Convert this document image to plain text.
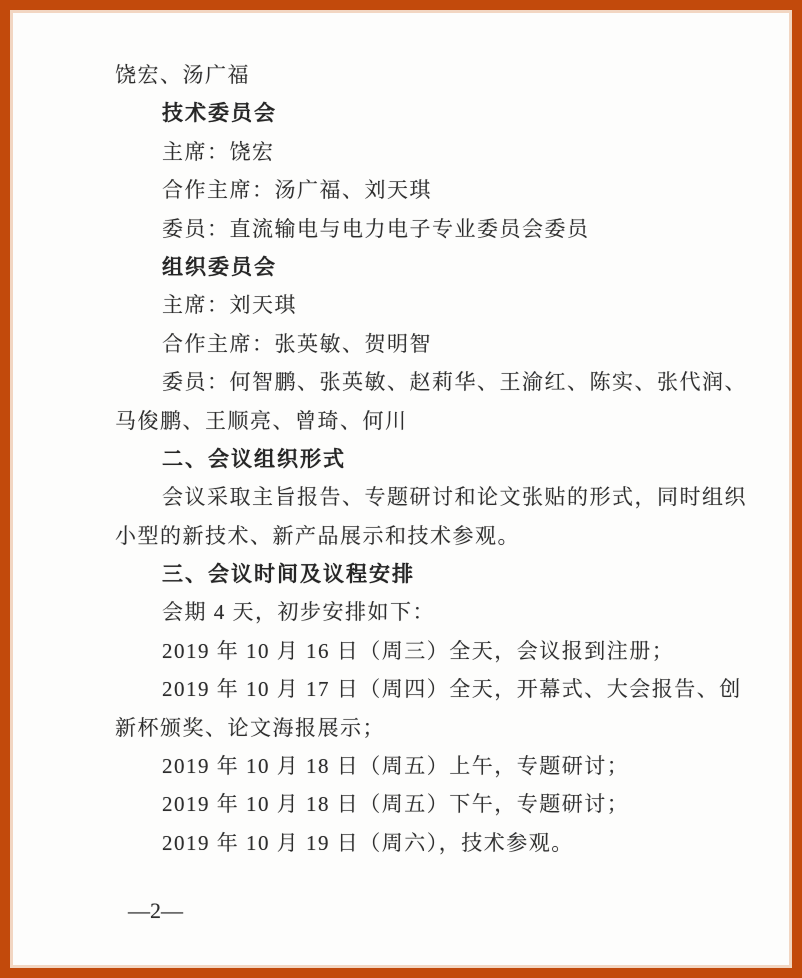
饶宏、汤广福
技术委员会
主席：饶宏
合作主席：汤广福、刘天琪
委员：直流输电与电力电子专业委员会委员
组织委员会
主席：刘天琪
合作主席：张英敏、贺明智
委员：何智鹏、张英敏、赵莉华、王渝红、陈实、张代润、
马俊鹏、王顺亮、曾琦、何川
二、会议组织形式
会议采取主旨报告、专题研讨和论文张贴的形式，同时组织
小型的新技术、新产品展示和技术参观。
三、会议时间及议程安排
会期 4 天，初步安排如下：
2019 年 10 月 16 日（周三）全天，会议报到注册；
2019 年 10 月 17 日（周四）全天，开幕式、大会报告、创
新杯颁奖、论文海报展示；
2019 年 10 月 18 日（周五）上午，专题研讨；
2019 年 10 月 18 日（周五）下午，专题研讨；
2019 年 10 月 19 日（周六），技术参观。
—2—
